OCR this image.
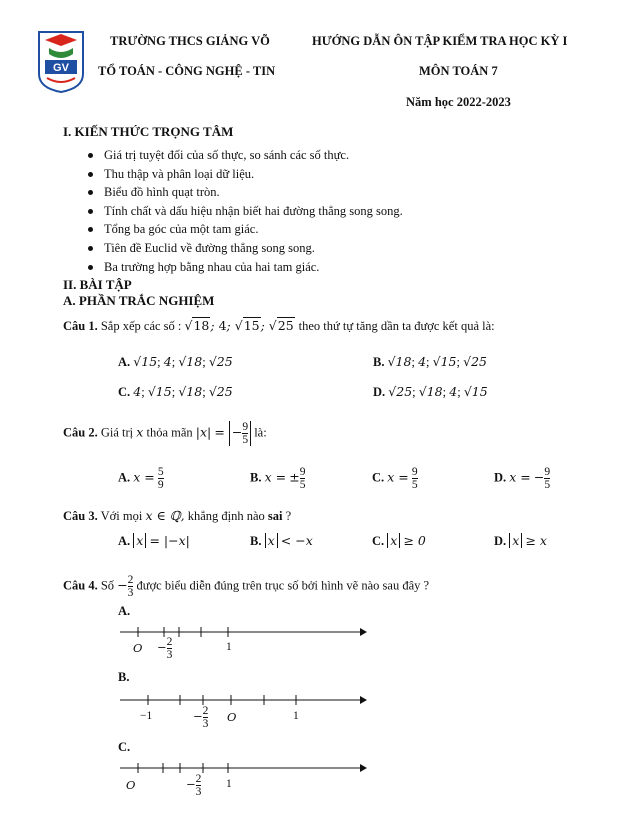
GV
TRƯỜNG THCS GIẢNG VÕ
TỔ TOÁN - CÔNG NGHỆ - TIN
HƯỚNG DẪN ÔN TẬP KIỂM TRA HỌC KỲ I
MÔN TOÁN 7
Năm học 2022-2023
I. KIẾN THỨC TRỌNG TÂM
Giá trị tuyệt đối của số thực, so sánh các số thực.
Thu thập và phân loại dữ liệu.
Biểu đồ hình quạt tròn.
Tính chất và dấu hiệu nhận biết hai đường thẳng song song.
Tổng ba góc của một tam giác.
Tiên đề Euclid về đường thẳng song song.
Ba trường hợp bằng nhau của hai tam giác.
II. BÀI TẬP
A. PHẦN TRẮC NGHIỆM
Câu 1. Sắp xếp các số : √18; 4; √15; √25 theo thứ tự tăng dần ta được kết quả là:
A. √15; 4; √18; √25	B. √18; 4; √15; √25
C. 4; √15; √18; √25	D. √25; √18; 4; √15
Câu 2. Giá trị x thỏa mãn |x| = − $\frac{9}{5}$ là:
A. $x = \frac{5}{9}$	B. x = ± $\frac{9}{5}$	C. $x = \frac{9}{5}$	D. x = − $\frac{9}{5}$
Câu 3. Với mọi x ∈ ℚ, khẳng định nào sai ?
A. x = |−x|	B. x < −x	C. x ≥ 0	D. x ≥ x
Câu 4. Số − $\frac{2}{3}$ được biểu diễn đúng trên trục số bởi hình vẽ nào sau đây ?
A.
$O - \frac{2}{3}$	1
B.
−1	− $\frac{2}{3}$ O	1
C.
O	− $\frac{2}{3} 1$
